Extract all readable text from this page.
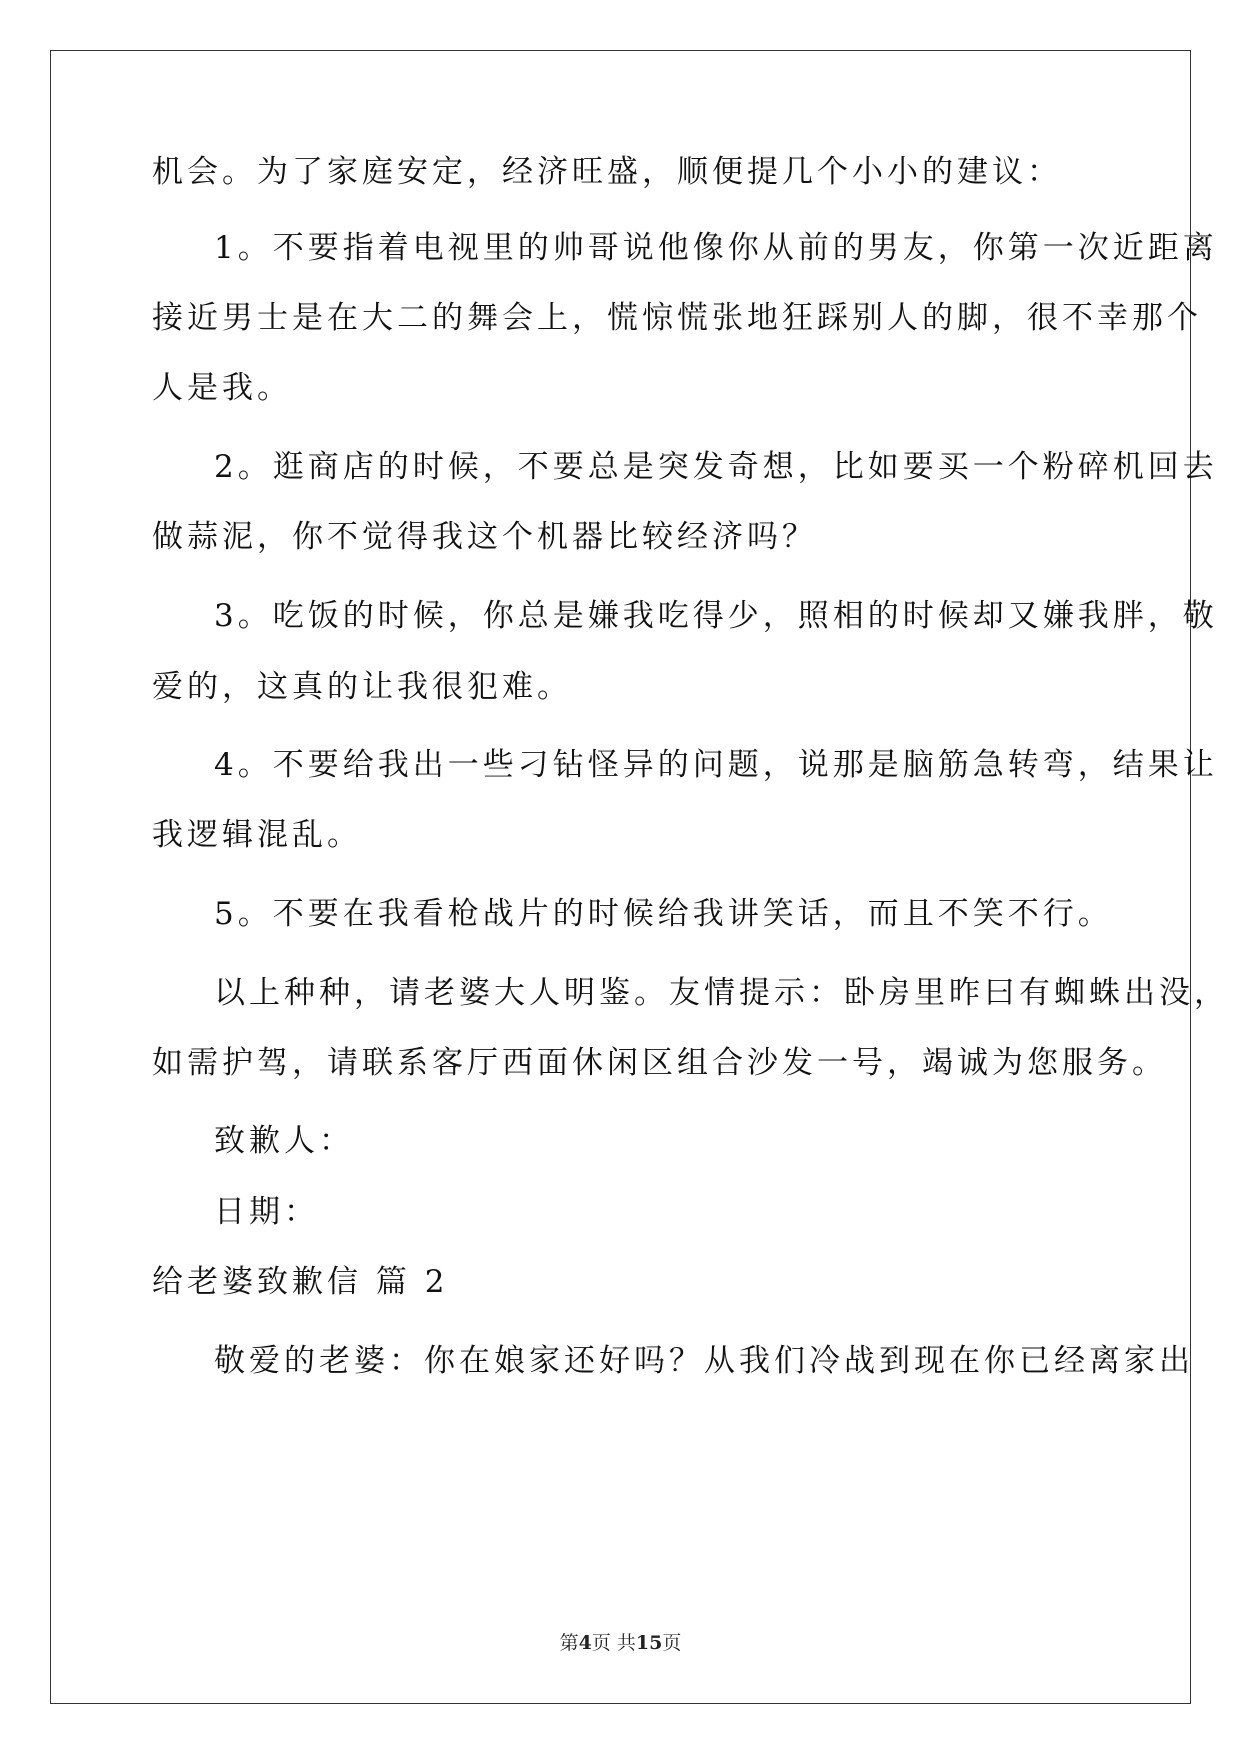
机会。为了家庭安定，经济旺盛，顺便提几个小小的建议：
1。不要指着电视里的帅哥说他像你从前的男友，你第一次近距离
接近男士是在大二的舞会上，慌惊慌张地狂踩别人的脚，很不幸那个
人是我。
2。逛商店的时候，不要总是突发奇想，比如要买一个粉碎机回去
做蒜泥，你不觉得我这个机器比较经济吗？
3。吃饭的时候，你总是嫌我吃得少，照相的时候却又嫌我胖，敬
爱的，这真的让我很犯难。
4。不要给我出一些刁钻怪异的问题，说那是脑筋急转弯，结果让
我逻辑混乱。
5。不要在我看枪战片的时候给我讲笑话，而且不笑不行。
以上种种，请老婆大人明鉴。友情提示：卧房里昨曰有蜘蛛出没，
如需护驾，请联系客厅西面休闲区组合沙发一号，竭诚为您服务。
致歉人：
日期：
给老婆致歉信 篇 2
敬爱的老婆：你在娘家还好吗？从我们冷战到现在你已经离家出
第4页 共15页
